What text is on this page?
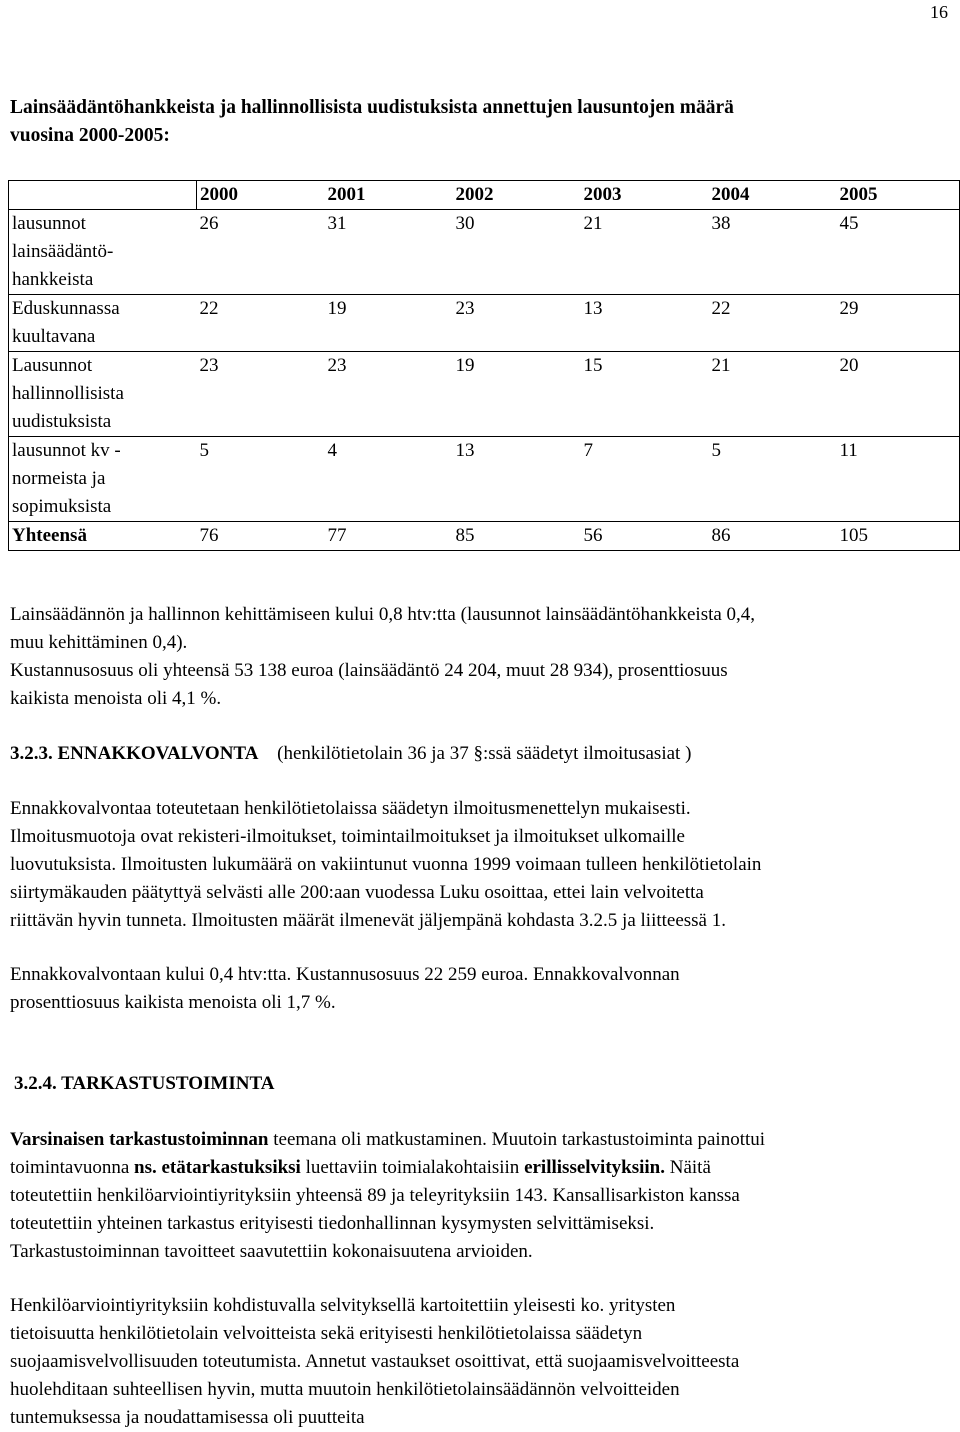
16
Lainsäädäntöhankkeista ja hallinnollisista uudistuksista annettujen lausuntojen määrä
vuosina 2000-2005:
	2000	2001	2002	2003	2004	2005

lausunnot
lainsäädäntö-
hankkeista	26	31	30	21	38	45

Eduskunnassa
kuultavana	22	19	23	13	22	29

Lausunnot
hallinnollisista
uudistuksista	23	23	19	15	21	20

lausunnot kv -
normeista ja
sopimuksista	5	4	13	7	5	11
Yhteensä	76	77	85	56	86	105
Lainsäädännön ja hallinnon kehittämiseen kului 0,8 htv:tta (lausunnot lainsäädäntöhankkeista 0,4,
muu kehittäminen 0,4).
Kustannusosuus oli yhteensä 53 138 euroa (lainsäädäntö 24 204, muut 28 934), prosenttiosuus
kaikista menoista oli 4,1 %.
3.2.3. ENNAKKOVALVONTA (henkilötietolain 36 ja 37 §:ssä säädetyt ilmoitusasiat )
Ennakkovalvontaa toteutetaan henkilötietolaissa säädetyn ilmoitusmenettelyn mukaisesti.
Ilmoitusmuotoja ovat rekisteri-ilmoitukset, toimintailmoitukset ja ilmoitukset ulkomaille
luovutuksista. Ilmoitusten lukumäärä on vakiintunut vuonna 1999 voimaan tulleen henkilötietolain
siirtymäkauden päätyttyä selvästi alle 200:aan vuodessa Luku osoittaa, ettei lain velvoitetta
riittävän hyvin tunneta. Ilmoitusten määrät ilmenevät jäljempänä kohdasta 3.2.5 ja liitteessä 1.
Ennakkovalvontaan kului 0,4 htv:tta. Kustannusosuus 22 259 euroa. Ennakkovalvonnan
prosenttiosuus kaikista menoista oli 1,7 %.
3.2.4. TARKASTUSTOIMINTA
Varsinaisen tarkastustoiminnan teemana oli matkustaminen. Muutoin tarkastustoiminta painottui
toimintavuonna ns. etätarkastuksiksi luettaviin toimialakohtaisiin erillisselvityksiin. Näitä
toteutettiin henkilöarviointiyrityksiin yhteensä 89 ja teleyrityksiin 143. Kansallisarkiston kanssa
toteutettiin yhteinen tarkastus erityisesti tiedonhallinnan kysymysten selvittämiseksi.
Tarkastustoiminnan tavoitteet saavutettiin kokonaisuutena arvioiden.
Henkilöarviointiyrityksiin kohdistuvalla selvityksellä kartoitettiin yleisesti ko. yritysten
tietoisuutta henkilötietolain velvoitteista sekä erityisesti henkilötietolaissa säädetyn
suojaamisvelvollisuuden toteutumista. Annetut vastaukset osoittivat, että suojaamisvelvoitteesta
huolehditaan suhteellisen hyvin, mutta muutoin henkilötietolainsäädännön velvoitteiden
tuntemuksessa ja noudattamisessa oli puutteita
